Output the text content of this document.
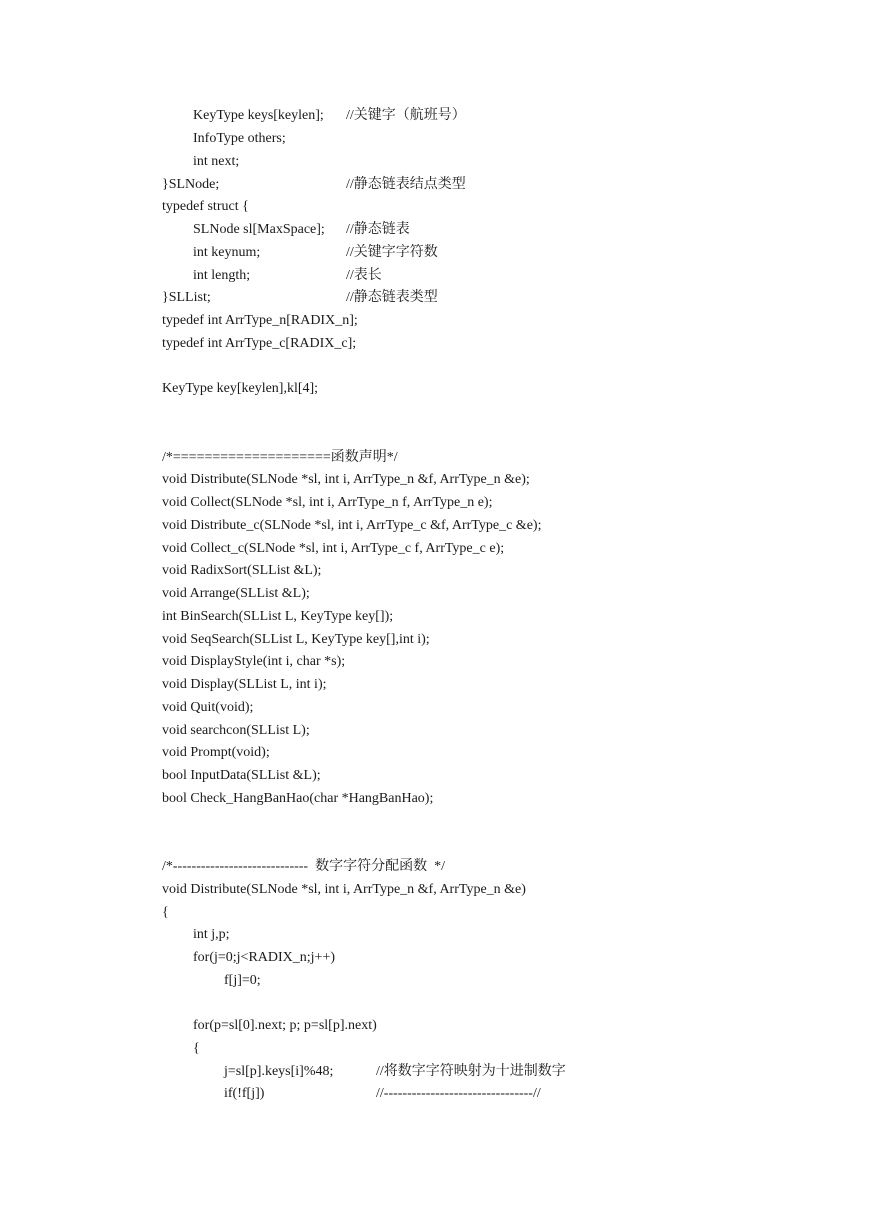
KeyType keys[keylen]; //关键字（航班号）
InfoType others;
int next;
}SLNode;	//静态链表结点类型
typedef struct {
SLNode sl[MaxSpace]; //静态链表
int keynum;	//关键字字符数
int length;	//表长
}SLList;	//静态链表类型
typedef int ArrType_n[RADIX_n];
typedef int ArrType_c[RADIX_c];
KeyType key[keylen],kl[4];
/*====================函数声明*/
void Distribute(SLNode *sl, int i, ArrType_n &f, ArrType_n &e);
void Collect(SLNode *sl, int i, ArrType_n f, ArrType_n e);
void Distribute_c(SLNode *sl, int i, ArrType_c &f, ArrType_c &e);
void Collect_c(SLNode *sl, int i, ArrType_c f, ArrType_c e);
void RadixSort(SLList &L);
void Arrange(SLList &L);
int BinSearch(SLList L, KeyType key[]);
void SeqSearch(SLList L, KeyType key[],int i);
void DisplayStyle(int i, char *s);
void Display(SLList L, int i);
void Quit(void);
void searchcon(SLList L);
void Prompt(void);
bool InputData(SLList &L);
bool Check_HangBanHao(char *HangBanHao);
/*-----------------------------  数字字符分配函数  */
void Distribute(SLNode *sl, int i, ArrType_n &f, ArrType_n &e)
{
int j,p;
for(j=0;j<RADIX_n;j++)
f[j]=0;
for(p=sl[0].next; p; p=sl[p].next)
{
j=sl[p].keys[i]%48;	//将数字字符映射为十进制数字
if(!f[j])	//--------------------------------//
